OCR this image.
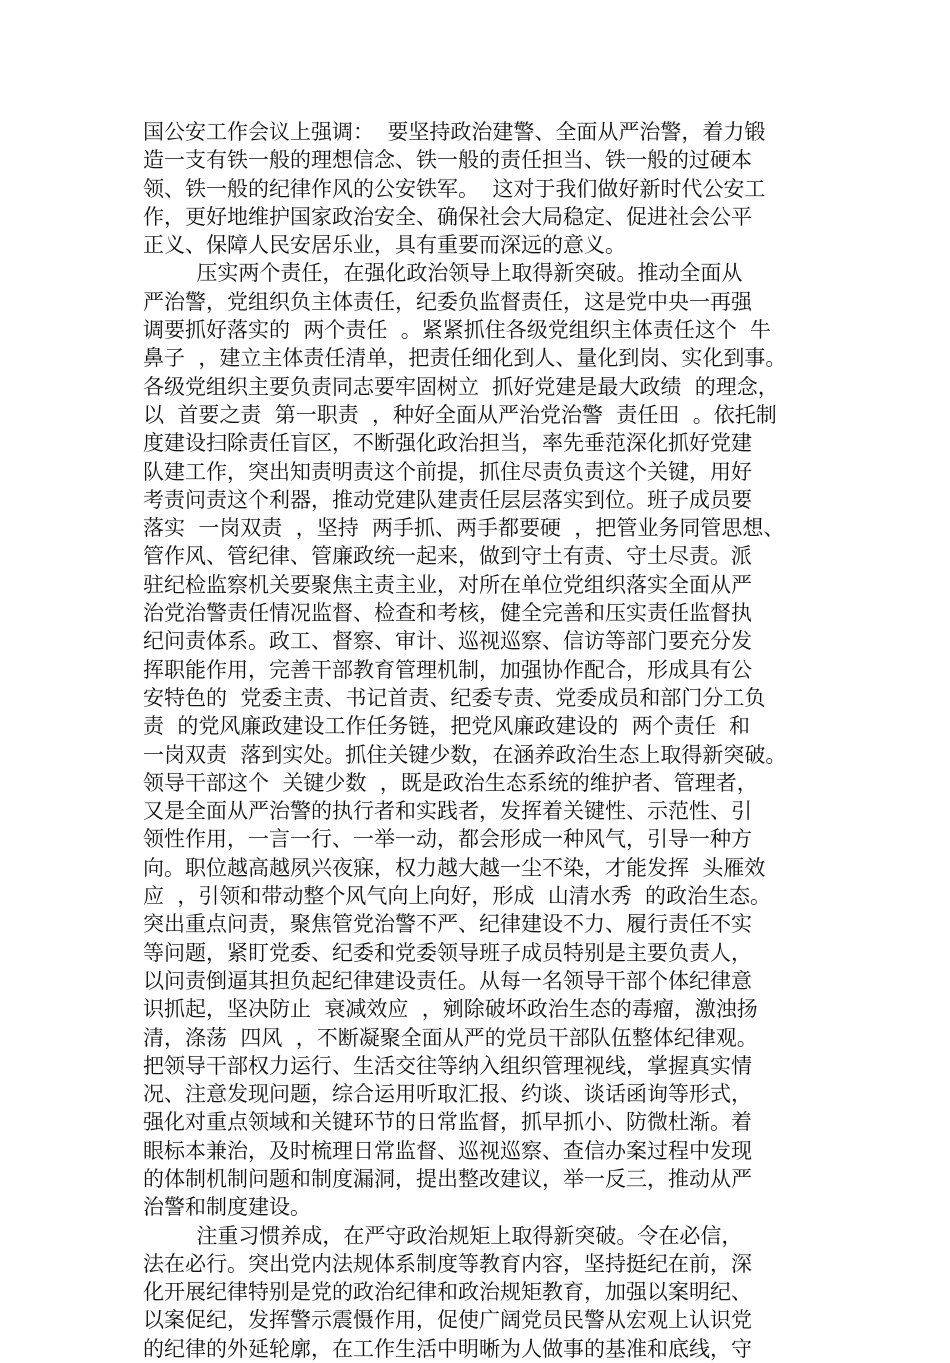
国公安工作会议上强调：  要坚持政治建警、全面从严治警，着力锻
造一支有铁一般的理想信念、铁一般的责任担当、铁一般的过硬本
领、铁一般的纪律作风的公安铁军。  这对于我们做好新时代公安工
作，更好地维护国家政治安全、确保社会大局稳定、促进社会公平
正义、保障人民安居乐业，具有重要而深远的意义。
压实两个责任，在强化政治领导上取得新突破。推动全面从
严治警，党组织负主体责任，纪委负监督责任，这是党中央一再强
调要抓好落实的  两个责任  。紧紧抓住各级党组织主体责任这个  牛
鼻子  ，建立主体责任清单，把责任细化到人、量化到岗、实化到事。
各级党组织主要负责同志要牢固树立  抓好党建是最大政绩  的理念，
以  首要之责  第一职责  ，种好全面从严治党治警  责任田  。依托制
度建设扫除责任盲区，不断强化政治担当，率先垂范深化抓好党建
队建工作，突出知责明责这个前提，抓住尽责负责这个关键，用好
考责问责这个利器，推动党建队建责任层层落实到位。班子成员要
落实  一岗双责  ，坚持  两手抓、两手都要硬  ，把管业务同管思想、
管作风、管纪律、管廉政统一起来，做到守土有责、守土尽责。派
驻纪检监察机关要聚焦主责主业，对所在单位党组织落实全面从严
治党治警责任情况监督、检查和考核，健全完善和压实责任监督执
纪问责体系。政工、督察、审计、巡视巡察、信访等部门要充分发
挥职能作用，完善干部教育管理机制，加强协作配合，形成具有公
安特色的  党委主责、书记首责、纪委专责、党委成员和部门分工负
责  的党风廉政建设工作任务链，把党风廉政建设的  两个责任  和
一岗双责  落到实处。抓住关键少数，在涵养政治生态上取得新突破。
领导干部这个  关键少数  ，既是政治生态系统的维护者、管理者，
又是全面从严治警的执行者和实践者，发挥着关键性、示范性、引
领性作用，一言一行、一举一动，都会形成一种风气，引导一种方
向。职位越高越夙兴夜寐，权力越大越一尘不染，才能发挥  头雁效
应  ，引领和带动整个风气向上向好，形成  山清水秀  的政治生态。
突出重点问责，聚焦管党治警不严、纪律建设不力、履行责任不实
等问题，紧盯党委、纪委和党委领导班子成员特别是主要负责人，
以问责倒逼其担负起纪律建设责任。从每一名领导干部个体纪律意
识抓起，坚决防止  衰减效应  ，剜除破坏政治生态的毒瘤，激浊扬
清，涤荡  四风  ，不断凝聚全面从严的党员干部队伍整体纪律观。
把领导干部权力运行、生活交往等纳入组织管理视线，掌握真实情
况、注意发现问题，综合运用听取汇报、约谈、谈话函询等形式，
强化对重点领域和关键环节的日常监督，抓早抓小、防微杜渐。着
眼标本兼治，及时梳理日常监督、巡视巡察、查信办案过程中发现
的体制机制问题和制度漏洞，提出整改建议，举一反三，推动从严
治警和制度建设。
注重习惯养成，在严守政治规矩上取得新突破。令在必信，
法在必行。突出党内法规体系制度等教育内容，坚持挺纪在前，深
化开展纪律特别是党的政治纪律和政治规矩教育，加强以案明纪、
以案促纪，发挥警示震慑作用，促使广阔党员民警从宏观上认识党
的纪律的外延轮廓，在工作生活中明晰为人做事的基准和底线，守
